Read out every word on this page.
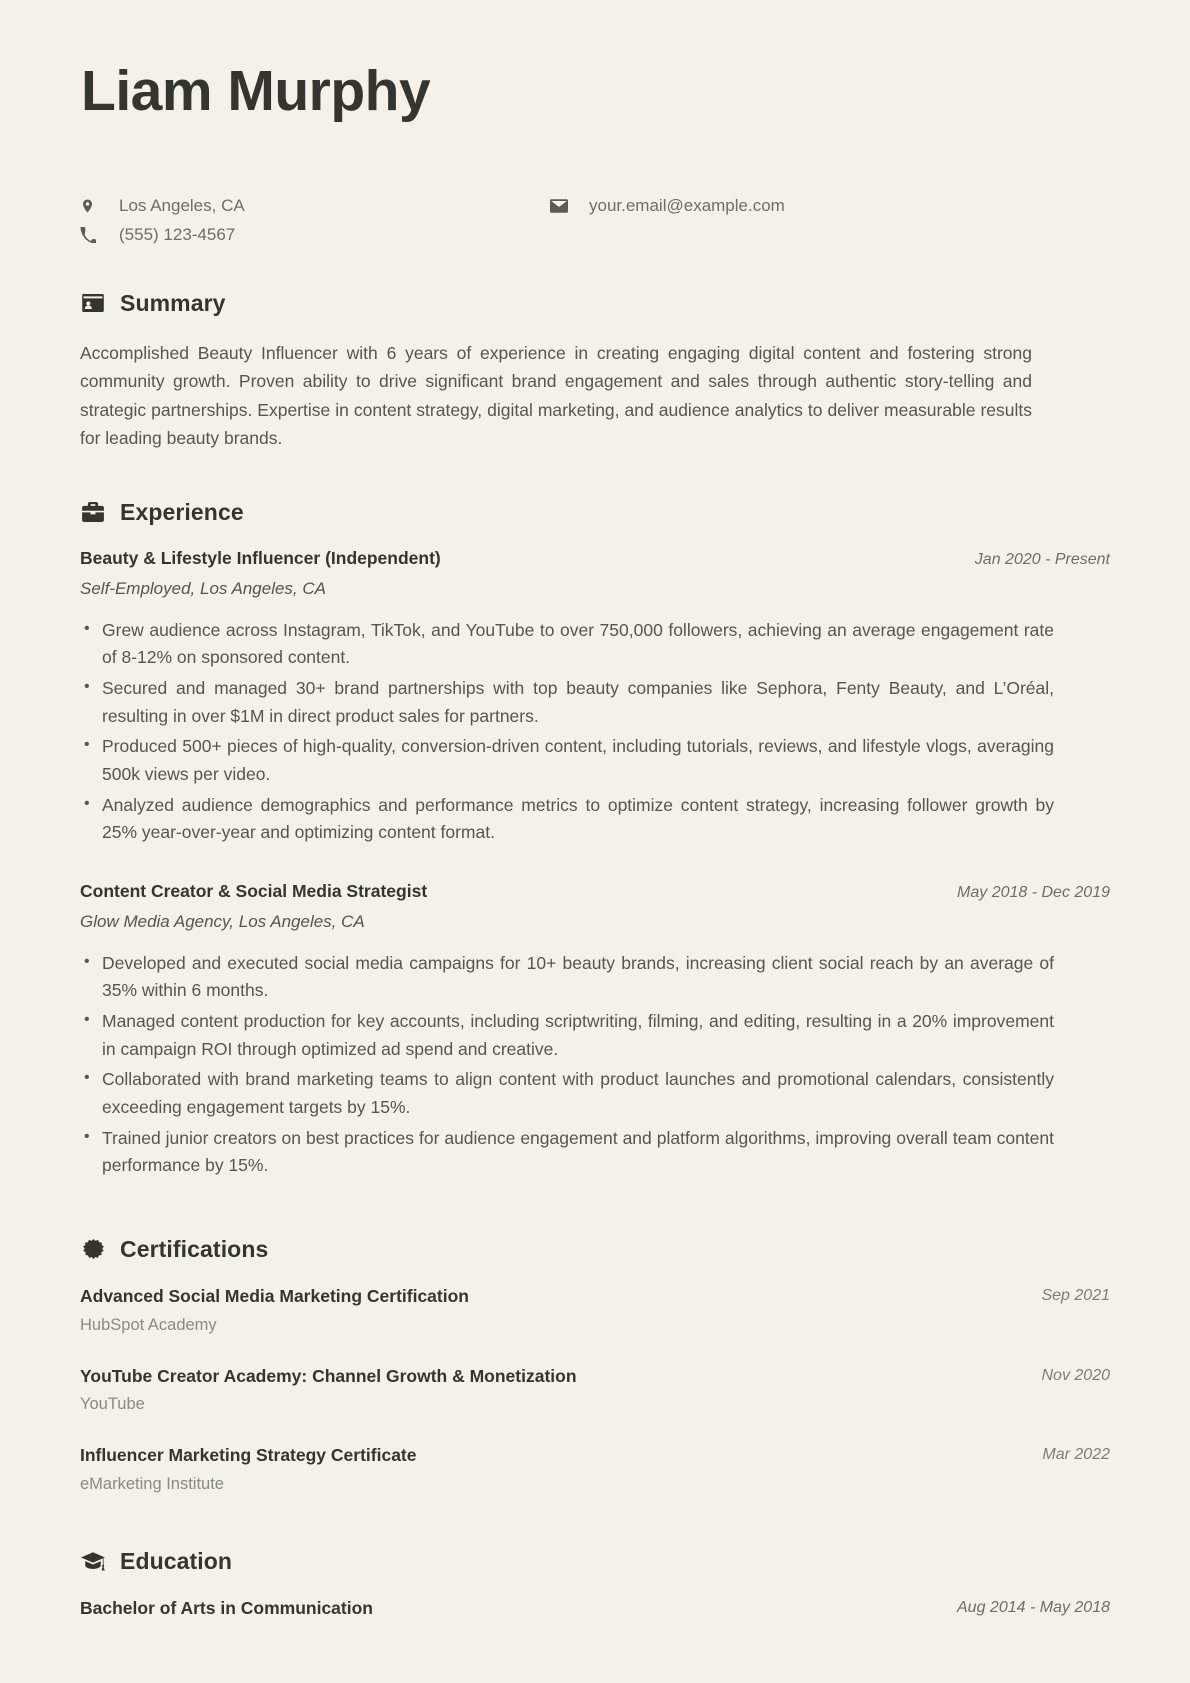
Liam Murphy
Los Angeles, CA
(555) 123-4567
your.email@example.com
Summary

Accomplished Beauty Influencer with 6 years of experience in creating engaging digital content and fostering strong community growth. Proven ability to drive significant brand engagement and sales through authentic story-telling and strategic partnerships. Expertise in content strategy, digital marketing, and audience analytics to deliver measurable results for leading beauty brands.

Experience
Beauty & Lifestyle Influencer (Independent)	Jan 2020 - Present
Self-Employed, Los Angeles, CA
• Grew audience across Instagram, TikTok, and YouTube to over 750,000 followers, achieving an average engagement rate of 8-12% on sponsored content.
• Secured and managed 30+ brand partnerships with top beauty companies like Sephora, Fenty Beauty, and L’Oréal, resulting in over $1M in direct product sales for partners.
• Produced 500+ pieces of high-quality, conversion-driven content, including tutorials, reviews, and lifestyle vlogs, averaging 500k views per video.
• Analyzed audience demographics and performance metrics to optimize content strategy, increasing follower growth by 25% year-over-year and optimizing content format.
Content Creator & Social Media Strategist	May 2018 - Dec 2019
Glow Media Agency, Los Angeles, CA
• Developed and executed social media campaigns for 10+ beauty brands, increasing client social reach by an average of 35% within 6 months.
• Managed content production for key accounts, including scriptwriting, filming, and editing, resulting in a 20% improvement in campaign ROI through optimized ad spend and creative.
• Collaborated with brand marketing teams to align content with product launches and promotional calendars, consistently exceeding engagement targets by 15%.
• Trained junior creators on best practices for audience engagement and platform algorithms, improving overall team content performance by 15%.
Certifications
Advanced Social Media Marketing Certification
HubSpot Academy
Sep 2021
YouTube Creator Academy: Channel Growth & Monetization
YouTube
Nov 2020
Influencer Marketing Strategy Certificate
eMarketing Institute
Mar 2022
Education
Bachelor of Arts in Communication	Aug 2014 - May 2018
